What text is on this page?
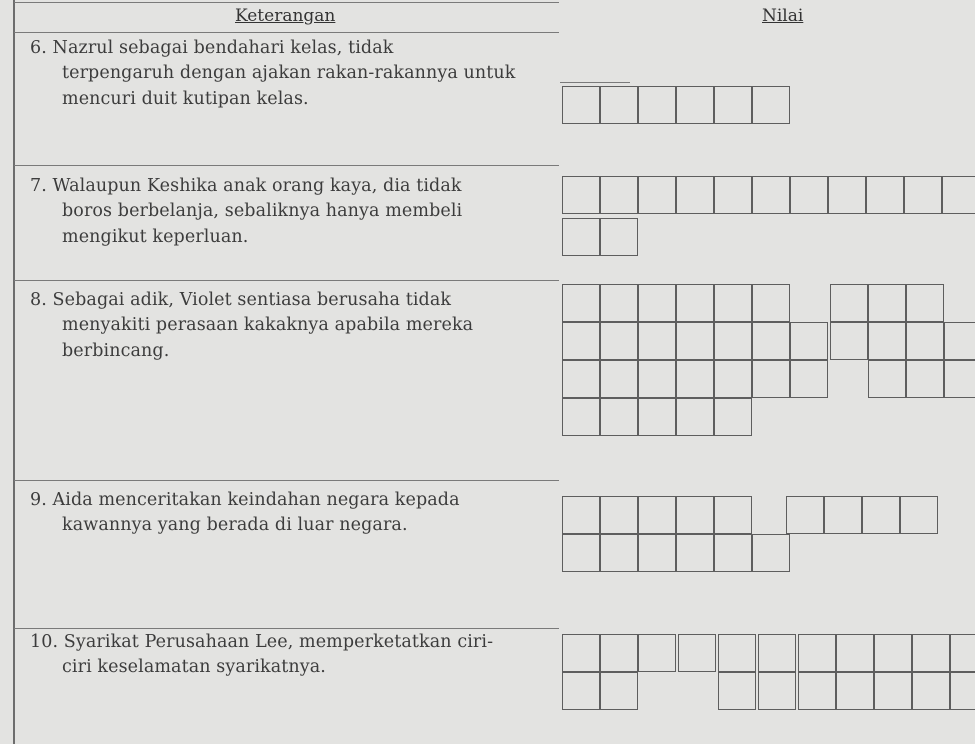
Keterangan	Nilai
6. Nazrul sebagai bendahari kelas, tidak
terpengaruh dengan ajakan rakan-rakannya untuk
mencuri duit kutipan kelas.
7. Walaupun Keshika anak orang kaya, dia tidak
boros berbelanja, sebaliknya hanya membeli
mengikut keperluan.
8. Sebagai adik, Violet sentiasa berusaha tidak
menyakiti perasaan kakaknya apabila mereka
berbincang.
9. Aida menceritakan keindahan negara kepada
kawannya yang berada di luar negara.
10. Syarikat Perusahaan Lee, memperketatkan ciri-
ciri keselamatan syarikatnya.
